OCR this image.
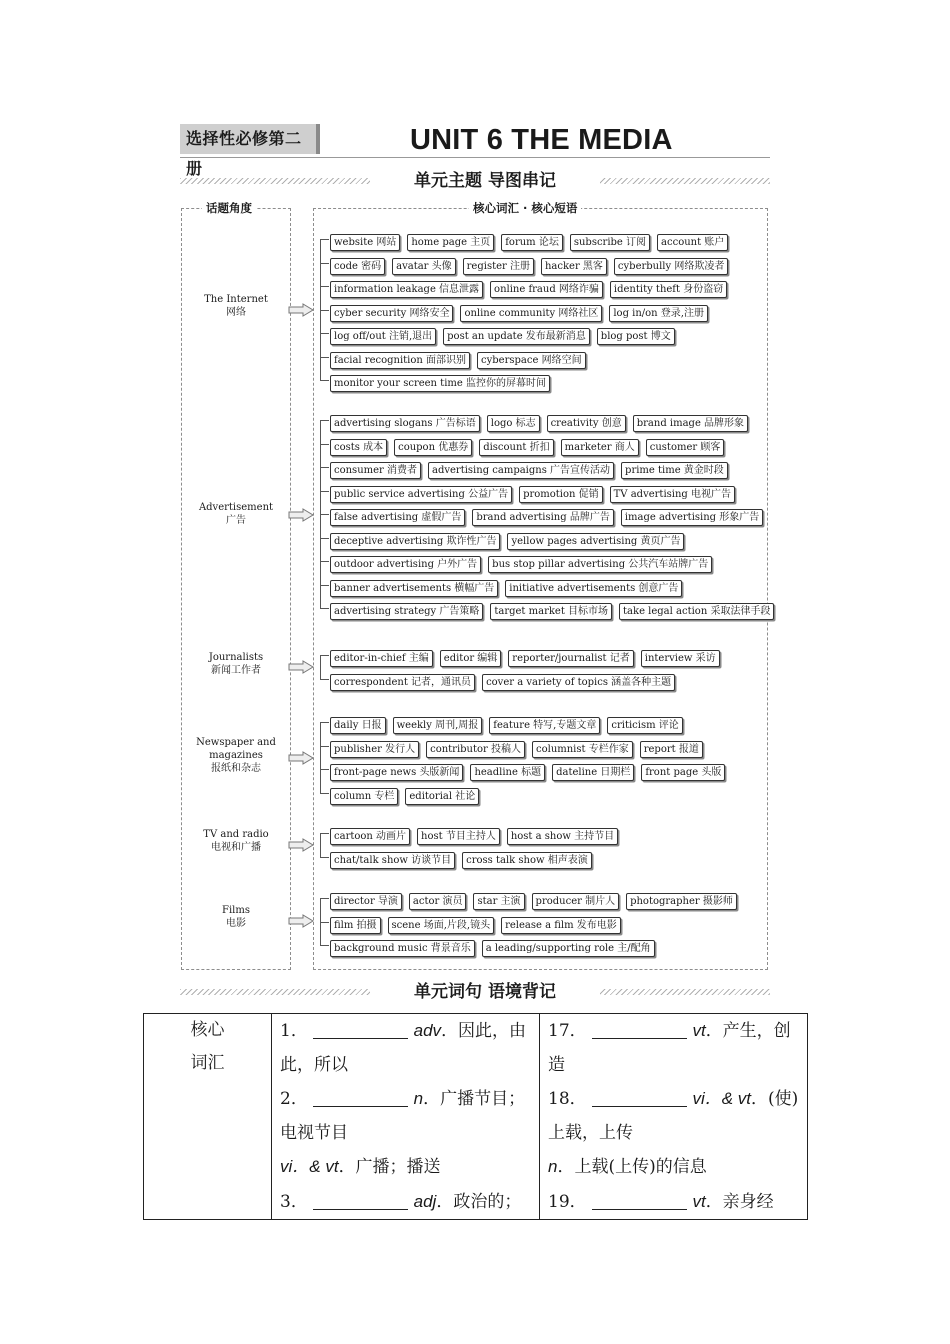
选择性必修第二册
UNIT 6 THE MEDIA
单元主题 导图串记
话题角度	核心词汇 · 核心短语
The Internet
网络
Advertisement
广告
Journalists
新闻工作者
Newspaper and magazines
报纸和杂志
TV and radio
电视和广播
Films
电影
website 网站 home page 主页 forum 论坛 subscribe 订阅 account 账户
code 密码 avatar 头像 register 注册 hacker 黑客 cyberbully 网络欺凌者
information leakage 信息泄露 online fraud 网络诈骗 identity theft 身份盗窃
cyber security 网络安全 online community 网络社区 log in/on 登录,注册
log off/out 注销,退出 post an update 发布最新消息 blog post 博文
facial recognition 面部识别 cyberspace 网络空间
monitor your screen time 监控你的屏幕时间
advertising slogans 广告标语 logo 标志 creativity 创意 brand image 品牌形象
costs 成本 coupon 优惠券 discount 折扣 marketer 商人 customer 顾客
consumer 消费者 advertising campaigns 广告宣传活动 prime time 黄金时段
public service advertising 公益广告 promotion 促销 TV advertising 电视广告
false advertising 虚假广告 brand advertising 品牌广告 image advertising 形象广告
deceptive advertising 欺诈性广告 yellow pages advertising 黄页广告
outdoor advertising 户外广告 bus stop pillar advertising 公共汽车站牌广告
banner advertisements 横幅广告 initiative advertisements 创意广告
advertising strategy 广告策略 target market 目标市场 take legal action 采取法律手段
editor-in-chief 主编 editor 编辑 reporter/journalist 记者 interview 采访
correspondent 记者，通讯员 cover a variety of topics 涵盖各种主题
daily 日报 weekly 周刊,周报 feature 特写,专题文章 criticism 评论
publisher 发行人 contributor 投稿人 columnist 专栏作家 report 报道
front-page news 头版新闻 headline 标题 dateline 日期栏 front page 头版
column 专栏 editorial 社论
cartoon 动画片 host 节目主持人 host a show 主持节目
chat/talk show 访谈节目 cross talk show 相声表演
director 导演 actor 演员 star 主演 producer 制片人 photographer 摄影师
film 拍摄 scene 场面,片段,镜头 release a film 发布电影
background music 背景音乐 a leading/supporting role 主/配角
单元词句 语境背记
核心
词汇

1．	adv．因此，由此，所以
2．	n．广播节目；电视节目
vi．& vt．广播；播送
3．	adj．政治的；

17．	vt．产生，创造
18．	vi．& vt．(使)上载，上传
n．上载(上传)的信息
19．	vt．亲身经
